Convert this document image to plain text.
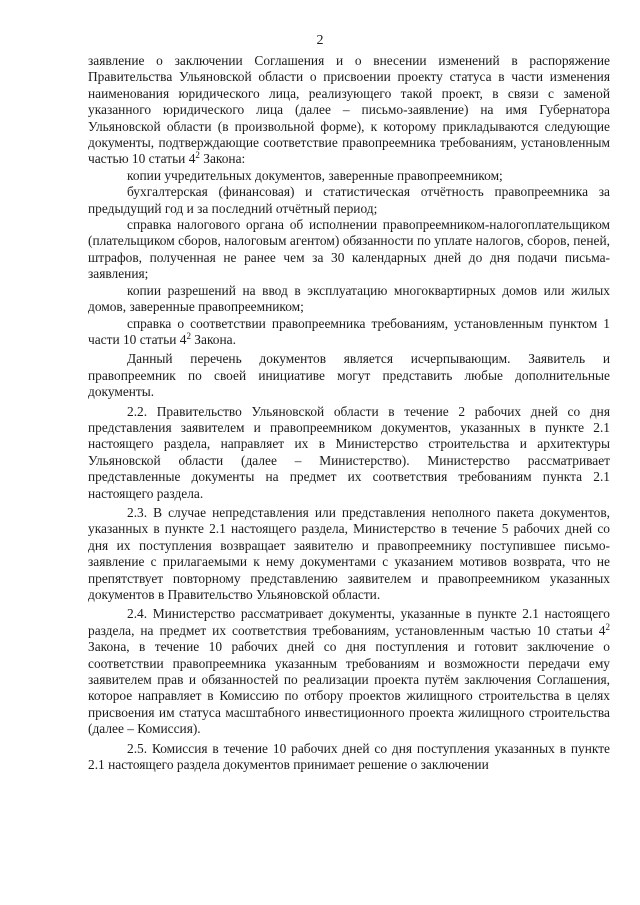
2

заявление о заключении Соглашения и о внесении изменений в распоряжение Правительства Ульяновской области о присвоении проекту статуса в части изменения наименования юридического лица, реализующего такой проект, в связи с заменой указанного юридического лица (далее – письмо-заявление) на имя Губернатора Ульяновской области (в произвольной форме), к которому прикладываются следующие документы, подтверждающие соответствие правопреемника требованиям, установленным частью 10 статьи $4^2$ Закона:

копии учредительных документов, заверенные правопреемником;

бухгалтерская (финансовая) и статистическая отчётность правопреемника за предыдущий год и за последний отчётный период;

справка налогового органа об исполнении правопреемником-налогоплательщиком (плательщиком сборов, налоговым агентом) обязанности по уплате налогов, сборов, пеней, штрафов, полученная не ранее чем за 30 календарных дней до дня подачи письма-заявления;

копии разрешений на ввод в эксплуатацию многоквартирных домов или жилых домов, заверенные правопреемником;

справка о соответствии правопреемника требованиям, установленным пунктом 1 части 10 статьи $4^2$ Закона.

Данный перечень документов является исчерпывающим. Заявитель и правопреемник по своей инициативе могут представить любые дополнительные документы.

2.2. Правительство Ульяновской области в течение 2 рабочих дней со дня представления заявителем и правопреемником документов, указанных в пункте 2.1 настоящего раздела, направляет их в Министерство строительства и архитектуры Ульяновской области (далее – Министерство). Министерство рассматривает представленные документы на предмет их соответствия требованиям пункта 2.1 настоящего раздела.

2.3. В случае непредставления или представления неполного пакета документов, указанных в пункте 2.1 настоящего раздела, Министерство в течение 5 рабочих дней со дня их поступления возвращает заявителю и правопреемнику поступившее письмо-заявление с прилагаемыми к нему документами с указанием мотивов возврата, что не препятствует повторному представлению заявителем и правопреемником указанных документов в Правительство Ульяновской области.

2.4. Министерство рассматривает документы, указанные в пункте 2.1 настоящего раздела, на предмет их соответствия требованиям, установленным частью 10 статьи $4^2$ Закона, в течение 10 рабочих дней со дня поступления и готовит заключение о соответствии правопреемника указанным требованиям и возможности передачи ему заявителем прав и обязанностей по реализации проекта путём заключения Соглашения, которое направляет в Комиссию по отбору проектов жилищного строительства в целях присвоения им статуса масштабного инвестиционного проекта жилищного строительства (далее – Комиссия).

2.5. Комиссия в течение 10 рабочих дней со дня поступления указанных в пункте 2.1 настоящего раздела документов принимает решение о заключении
